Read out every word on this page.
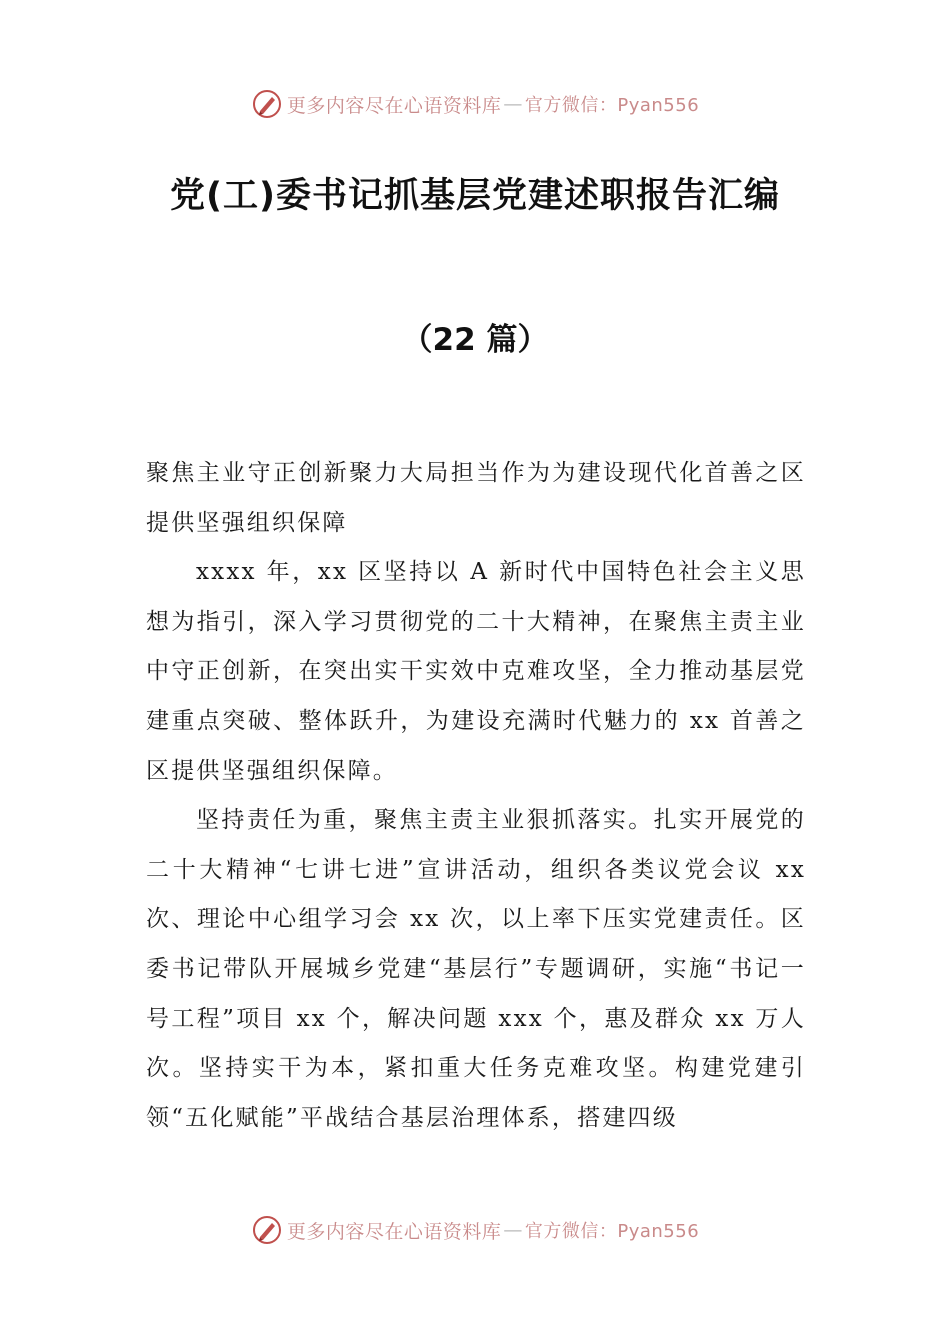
更多内容尽在心语资料库 — 官方微信：Pyan556
党(工)委书记抓基层党建述职报告汇编
（22 篇）

聚焦主业守正创新聚力大局担当作为为建设现代化首善之区提供坚强组织保障

xxxx 年，xx 区坚持以 A 新时代中国特色社会主义思想为指引，深入学习贯彻党的二十大精神，在聚焦主责主业中守正创新，在突出实干实效中克难攻坚，全力推动基层党建重点突破、整体跃升，为建设充满时代魅力的 xx 首善之区提供坚强组织保障。

坚持责任为重，聚焦主责主业狠抓落实。扎实开展党的二十大精神“七讲七进”宣讲活动，组织各类议党会议 xx 次、理论中心组学习会 xx 次，以上率下压实党建责任。区委书记带队开展城乡党建“基层行”专题调研，实施“书记一号工程”项目 xx 个，解决问题 xxx 个，惠及群众 xx 万人次。坚持实干为本，紧扣重大任务克难攻坚。构建党建引领“五化赋能”平战结合基层治理体系，搭建四级

更多内容尽在心语资料库 — 官方微信：Pyan556
